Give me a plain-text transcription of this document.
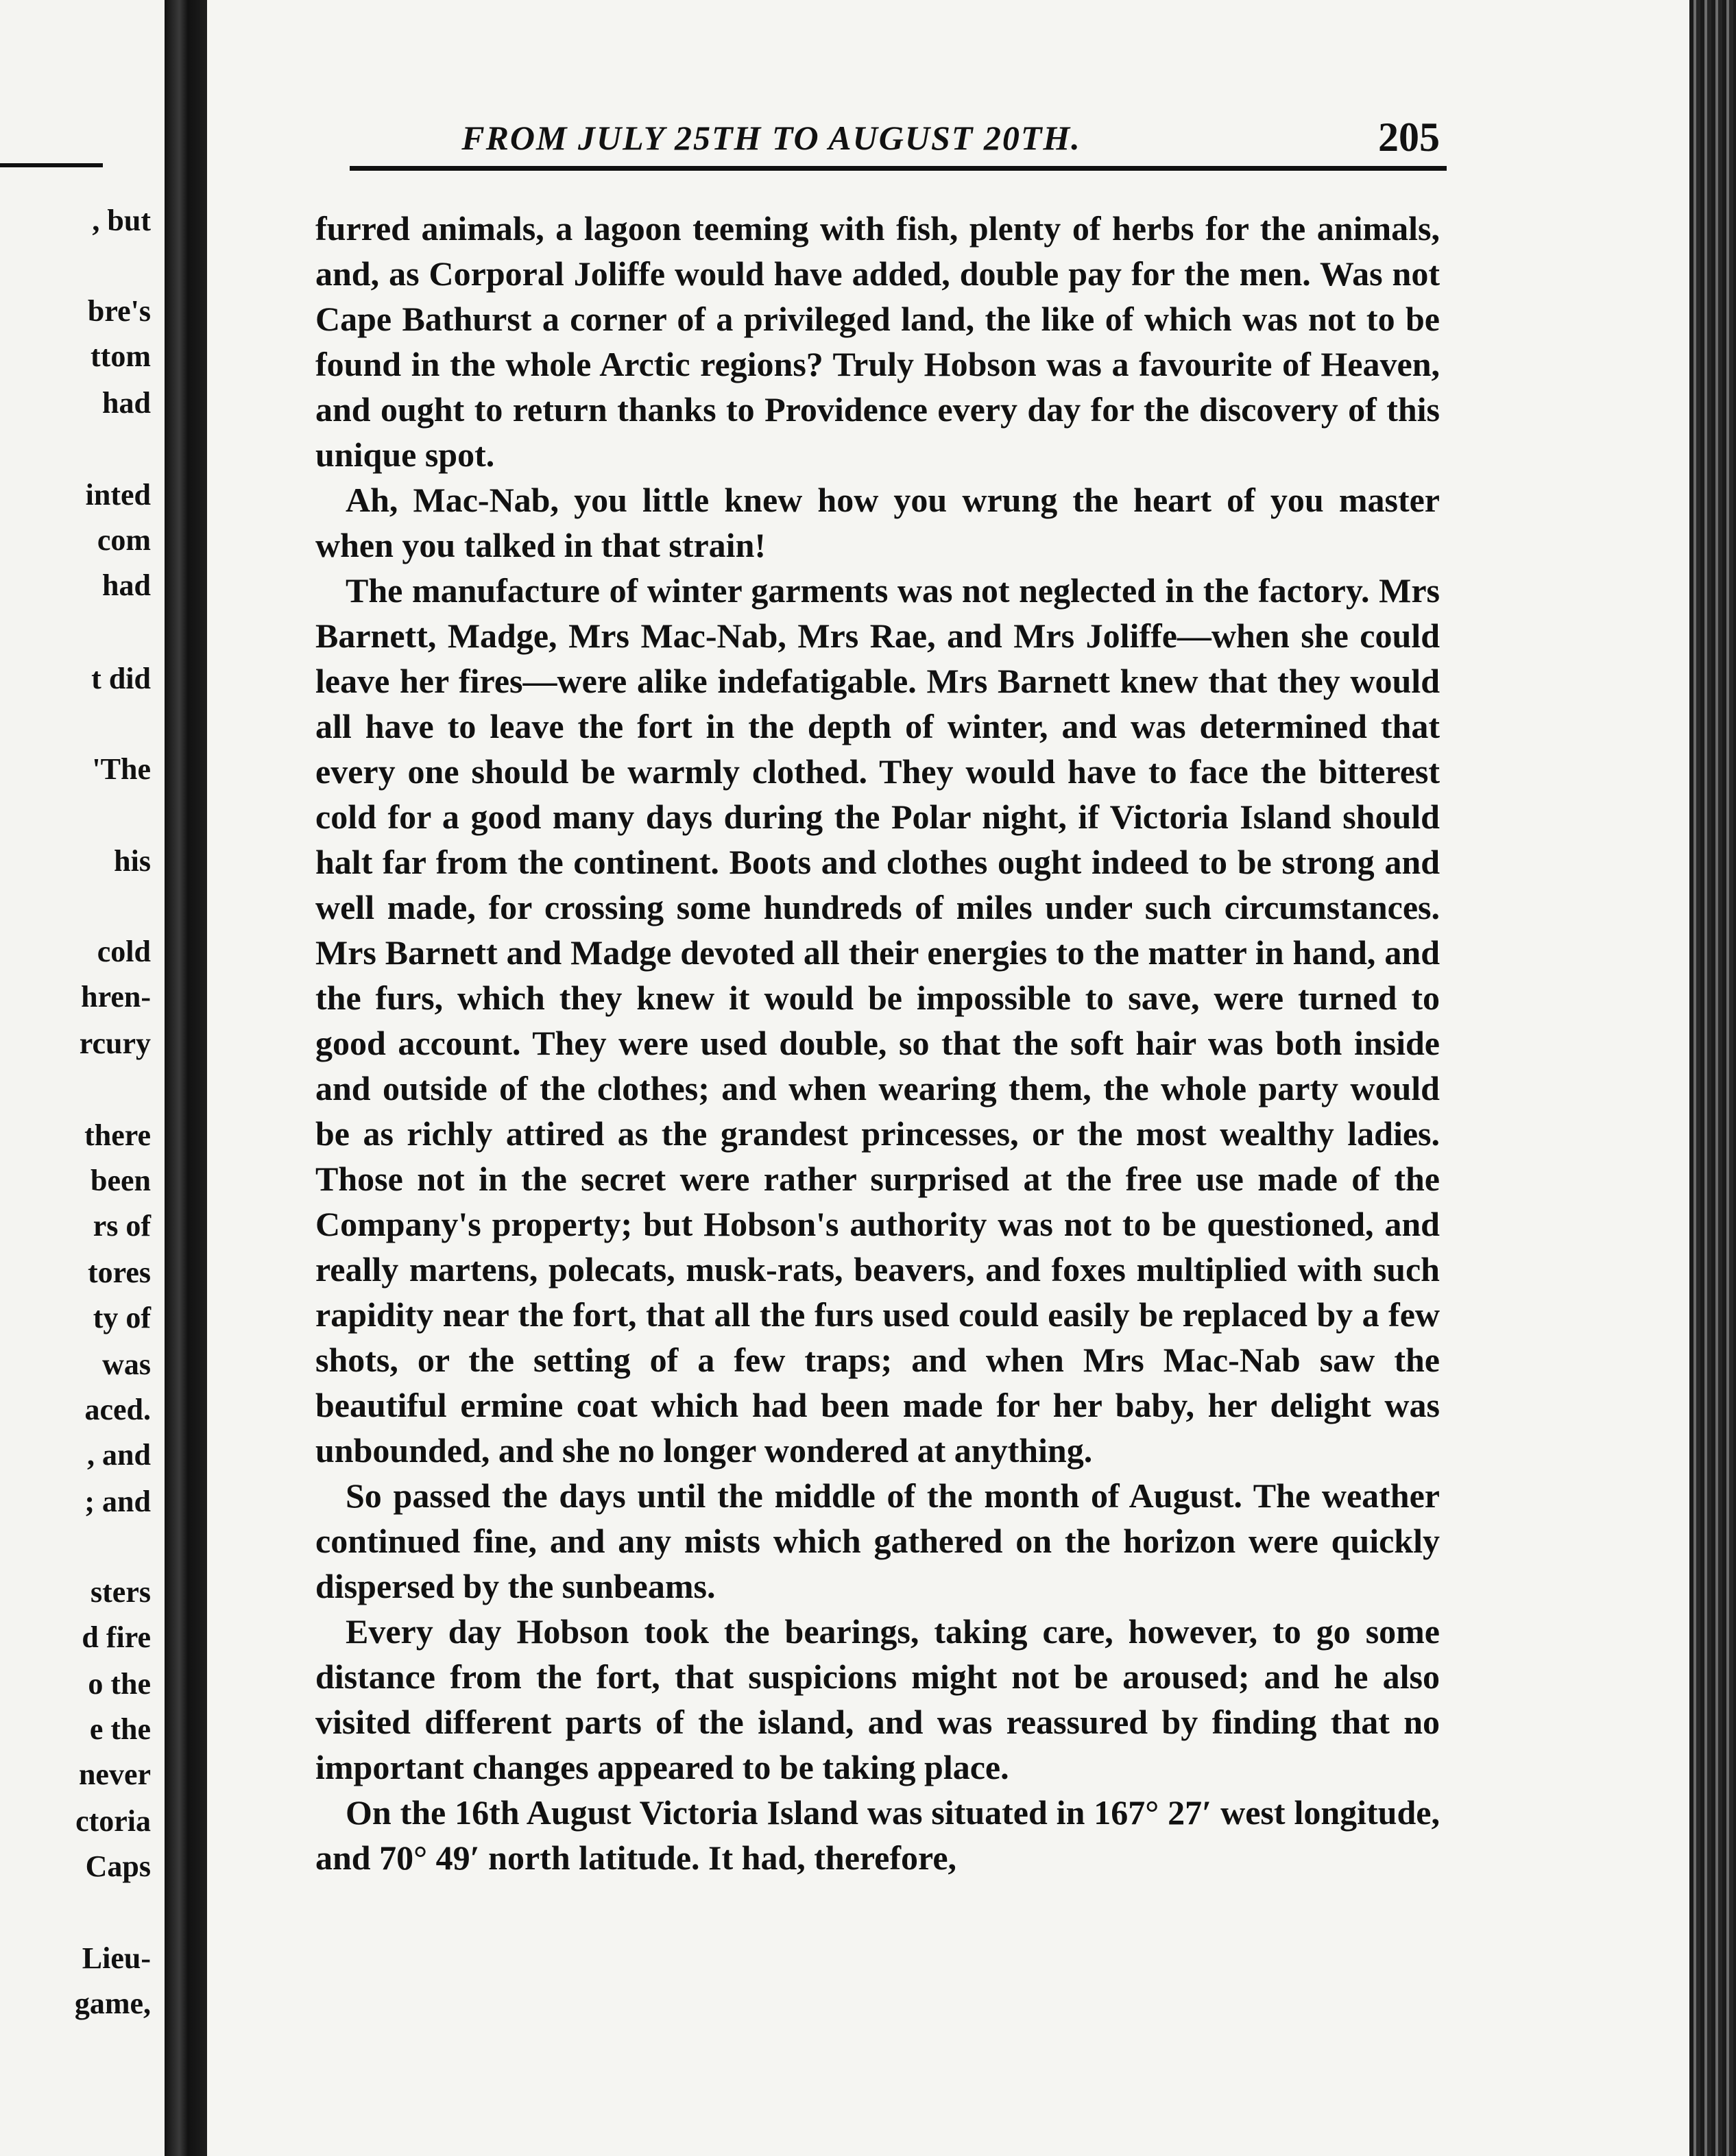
, but
bre's
ttom
had
inted
com
had
t did
'The
his
cold
hren-
rcury
there
been
rs of
tores
ty of
was
aced.
, and
; and
sters
d fire
o the
e the
never
ctoria
Caps
Lieu-
game,
FROM JULY 25TH TO AUGUST 20TH.	205

furred animals, a lagoon teeming with fish, plenty of herbs for the animals, and, as Corporal Joliffe would have added, double pay for the men. Was not Cape Bathurst a corner of a privileged land, the like of which was not to be found in the whole Arctic regions? Truly Hobson was a favourite of Heaven, and ought to return thanks to Providence every day for the discovery of this unique spot.

Ah, Mac-Nab, you little knew how you wrung the heart of you master when you talked in that strain!

The manufacture of winter garments was not neglected in the factory. Mrs Barnett, Madge, Mrs Mac-Nab, Mrs Rae, and Mrs Joliffe—when she could leave her fires—were alike indefatigable. Mrs Barnett knew that they would all have to leave the fort in the depth of winter, and was determined that every one should be warmly clothed. They would have to face the bitterest cold for a good many days during the Polar night, if Victoria Island should halt far from the continent. Boots and clothes ought indeed to be strong and well made, for crossing some hundreds of miles under such circumstances. Mrs Barnett and Madge devoted all their energies to the matter in hand, and the furs, which they knew it would be impossible to save, were turned to good account. They were used double, so that the soft hair was both inside and outside of the clothes; and when wearing them, the whole party would be as richly attired as the grandest princesses, or the most wealthy ladies. Those not in the secret were rather surprised at the free use made of the Company's property; but Hobson's authority was not to be questioned, and really martens, polecats, musk-rats, beavers, and foxes multiplied with such rapidity near the fort, that all the furs used could easily be replaced by a few shots, or the setting of a few traps; and when Mrs Mac-Nab saw the beautiful ermine coat which had been made for her baby, her delight was unbounded, and she no longer wondered at anything.

So passed the days until the middle of the month of August. The weather continued fine, and any mists which gathered on the horizon were quickly dispersed by the sunbeams.

Every day Hobson took the bearings, taking care, however, to go some distance from the fort, that suspicions might not be aroused; and he also visited different parts of the island, and was reassured by finding that no important changes appeared to be taking place.

On the 16th August Victoria Island was situated in 167° 27′ west longitude, and 70° 49′ north latitude. It had, therefore,
